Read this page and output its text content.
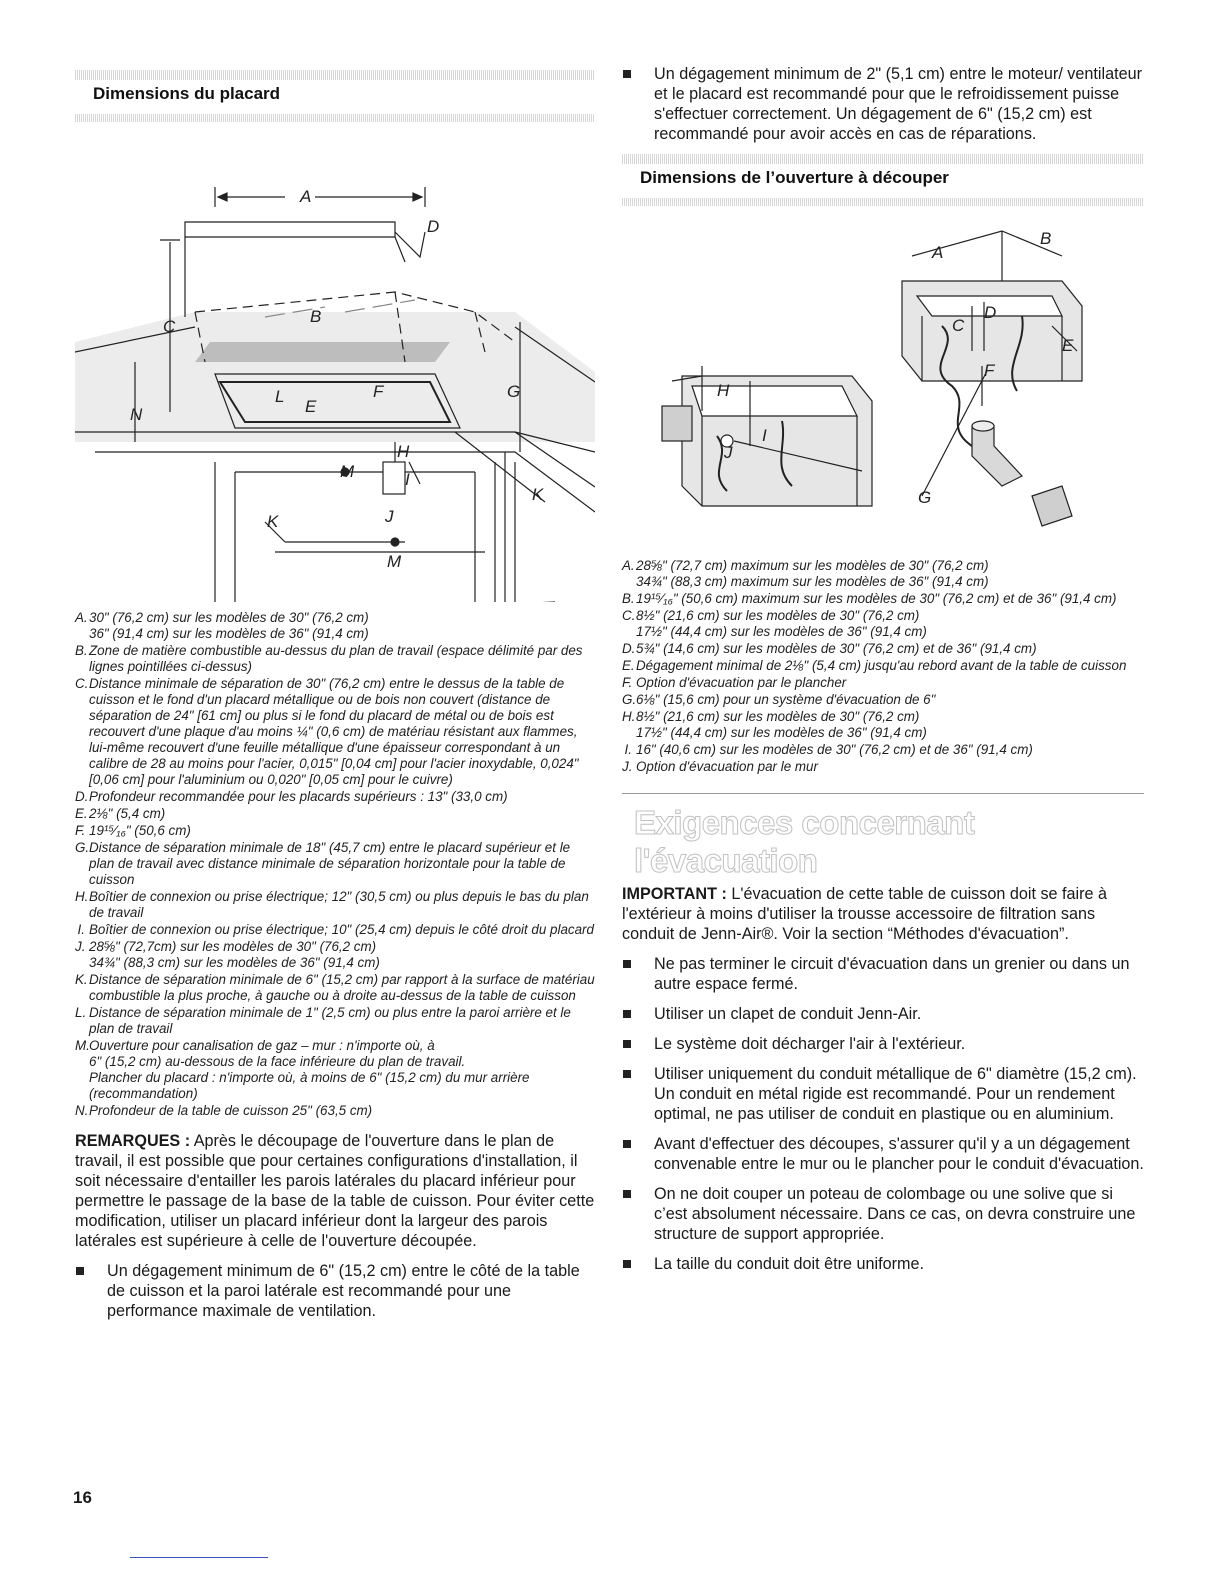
Dimensions du placard
A
B
C
D
E
F	G
H
I
J
K
L
M
N
K
M
A. 30" (76,2 cm) sur les modèles de 30" (76,2 cm)
36" (91,4 cm) sur les modèles de 36" (91,4 cm)
B. Zone de matière combustible au-dessus du plan de travail (espace délimité par des lignes pointillées ci-dessus)
C. Distance minimale de séparation de 30" (76,2 cm) entre le dessus de la table de cuisson et le fond d'un placard métallique ou de bois non couvert (distance de séparation de 24" [61 cm] ou plus si le fond du placard de métal ou de bois est recouvert d'une plaque d'au moins ¼" (0,6 cm) de matériau résistant aux flammes, lui-même recouvert d'une feuille métallique d'une épaisseur correspondant à un calibre de 28 au moins pour l'acier, 0,015" [0,04 cm] pour l'acier inoxydable, 0,024" [0,06 cm] pour l'aluminium ou 0,020" [0,05 cm] pour le cuivre)
D. Profondeur recommandée pour les placards supérieurs : 13" (33,0 cm)
E. 2⅛" (5,4 cm)
F. 19¹⁵⁄₁₆" (50,6 cm)
G. Distance de séparation minimale de 18" (45,7 cm) entre le placard supérieur et le plan de travail avec distance minimale de séparation horizontale pour la table de cuisson
H. Boîtier de connexion ou prise électrique; 12" (30,5 cm) ou plus depuis le bas du plan de travail
I. Boîtier de connexion ou prise électrique; 10" (25,4 cm) depuis le côté droit du placard
J. 28⅝" (72,7cm) sur les modèles de 30" (76,2 cm)
34¾" (88,3 cm) sur les modèles de 36" (91,4 cm)
K. Distance de séparation minimale de 6" (15,2 cm) par rapport à la surface de matériau combustible la plus proche, à gauche ou à droite au-dessus de la table de cuisson
L. Distance de séparation minimale de 1" (2,5 cm) ou plus entre la paroi arrière et le plan de travail
M. Ouverture pour canalisation de gaz – mur : n'importe où, à
6" (15,2 cm) au-dessous de la face inférieure du plan de travail.
Plancher du placard : n'importe où, à moins de 6" (15,2 cm) du mur arrière (recommandation)
N. Profondeur de la table de cuisson 25" (63,5 cm)

REMARQUES : Après le découpage de l'ouverture dans le plan de travail, il est possible que pour certaines configurations d'installation, il soit nécessaire d'entailler les parois latérales du placard inférieur pour permettre le passage de la base de la table de cuisson. Pour éviter cette modification, utiliser un placard inférieur dont la largeur des parois latérales est supérieure à celle de l'ouverture découpée.

Un dégagement minimum de 6" (15,2 cm) entre le côté de la table de cuisson et la paroi latérale est recommandé pour une performance maximale de ventilation.
Un dégagement minimum de 2" (5,1 cm) entre le moteur/ ventilateur et le placard est recommandé pour que le refroidissement puisse s'effectuer correctement. Un dégagement de 6" (15,2 cm) est recommandé pour avoir accès en cas de réparations.
Dimensions de l’ouverture à découper
A
B
C
D
E
F
G
H
I
J
A. 28⅝" (72,7 cm) maximum sur les modèles de 30" (76,2 cm)
34¾" (88,3 cm) maximum sur les modèles de 36" (91,4 cm)
B. 19¹⁵⁄₁₆" (50,6 cm) maximum sur les modèles de 30" (76,2 cm) et de 36" (91,4 cm)
C. 8½" (21,6 cm) sur les modèles de 30" (76,2 cm)
17½" (44,4 cm) sur les modèles de 36" (91,4 cm)
D. 5¾" (14,6 cm) sur les modèles de 30" (76,2 cm) et de 36" (91,4 cm)
E. Dégagement minimal de 2⅛" (5,4 cm) jusqu'au rebord avant de la table de cuisson
F. Option d'évacuation par le plancher
G. 6⅛" (15,6 cm) pour un système d'évacuation de 6"
H. 8½" (21,6 cm) sur les modèles de 30" (76,2 cm)
17½" (44,4 cm) sur les modèles de 36" (91,4 cm)
I. 16" (40,6 cm) sur les modèles de 30" (76,2 cm) et de 36" (91,4 cm)
J. Option d'évacuation par le mur
Exigences concernant l'évacuation

IMPORTANT : L'évacuation de cette table de cuisson doit se faire à l'extérieur à moins d'utiliser la trousse accessoire de filtration sans conduit de Jenn-Air®. Voir la section “Méthodes d'évacuation”.

Ne pas terminer le circuit d'évacuation dans un grenier ou dans un autre espace fermé.
Utiliser un clapet de conduit Jenn-Air.
Le système doit décharger l'air à l'extérieur.
Utiliser uniquement du conduit métallique de 6" diamètre (15,2 cm). Un conduit en métal rigide est recommandé. Pour un rendement optimal, ne pas utiliser de conduit en plastique ou en aluminium.
Avant d'effectuer des découpes, s'assurer qu'il y a un dégagement convenable entre le mur ou le plancher pour le conduit d'évacuation.
On ne doit couper un poteau de colombage ou une solive que si c’est absolument nécessaire. Dans ce cas, on devra construire une structure de support appropriée.
La taille du conduit doit être uniforme.
16
